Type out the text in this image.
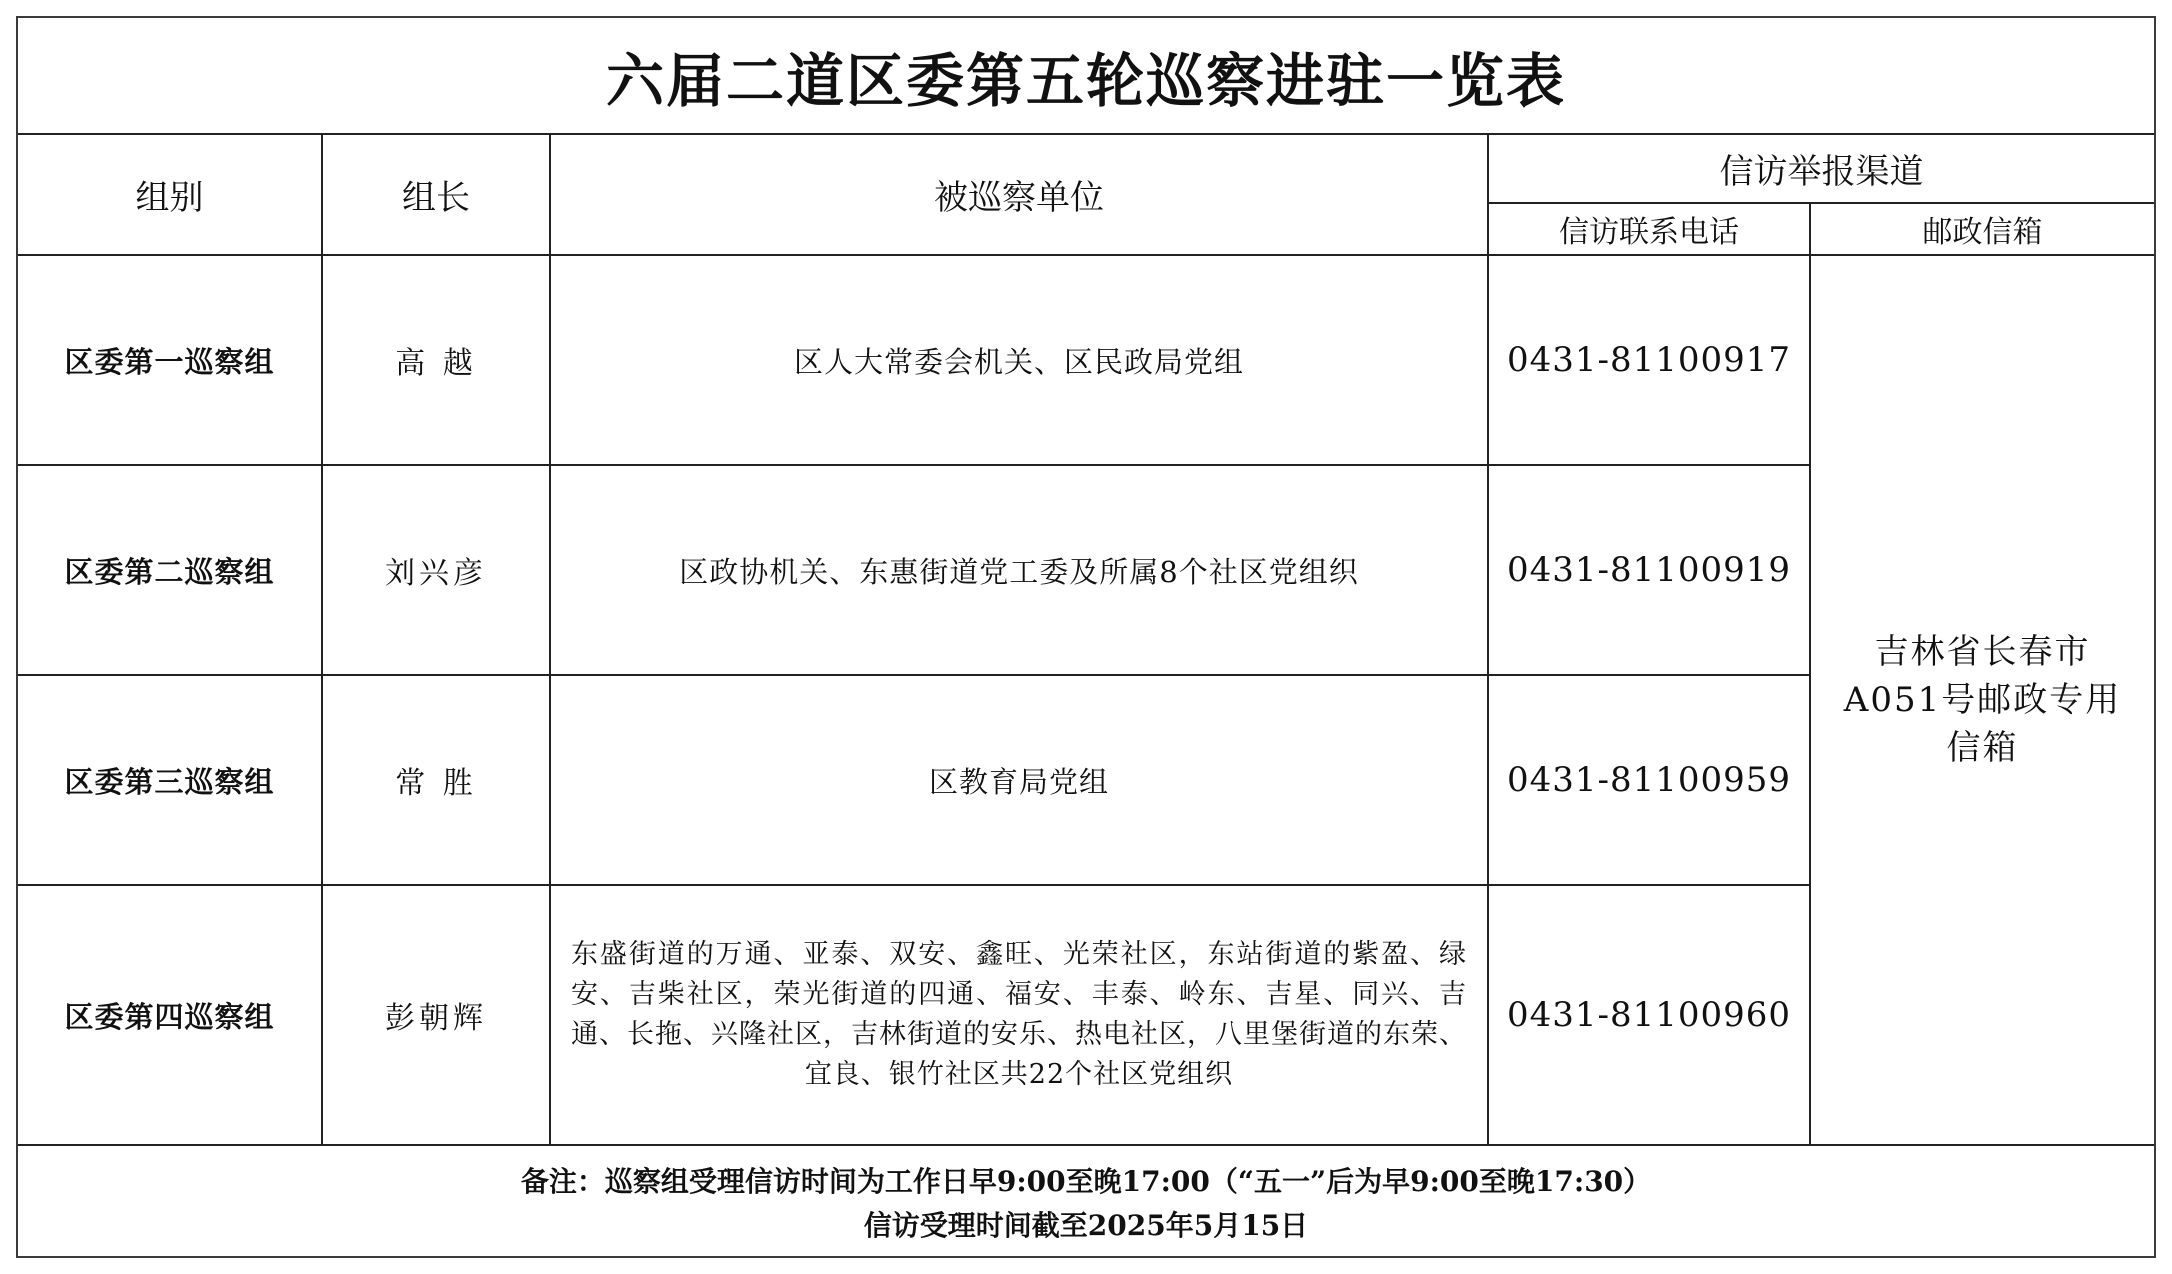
六届二道区委第五轮巡察进驻一览表
组别	组长	被巡察单位	信访举报渠道	
			信访联系电话	邮政信箱
区委第一巡察组	高 越	区人大常委会机关、区民政局党组	0431-81100917	吉林省长春市A051号邮政专用信箱
区委第二巡察组	刘兴彦	区政协机关、东惠街道党工委及所属8个社区党组织	0431-81100919	
区委第三巡察组	常 胜	区教育局党组	0431-81100959	
区委第四巡察组	彭朝辉	东盛街道的万通、亚泰、双安、鑫旺、光荣社区，东站街道的紫盈、绿安、吉柴社区，荣光街道的四通、福安、丰泰、岭东、吉星、同兴、吉通、长拖、兴隆社区，吉林街道的安乐、热电社区，八里堡街道的东荣、宜良、银竹社区共22个社区党组织	0431-81100960	
备注：巡察组受理信访时间为工作日早9:00至晚17:00（“五一”后为早9:00至晚17:30）
信访受理时间截至2025年5月15日
